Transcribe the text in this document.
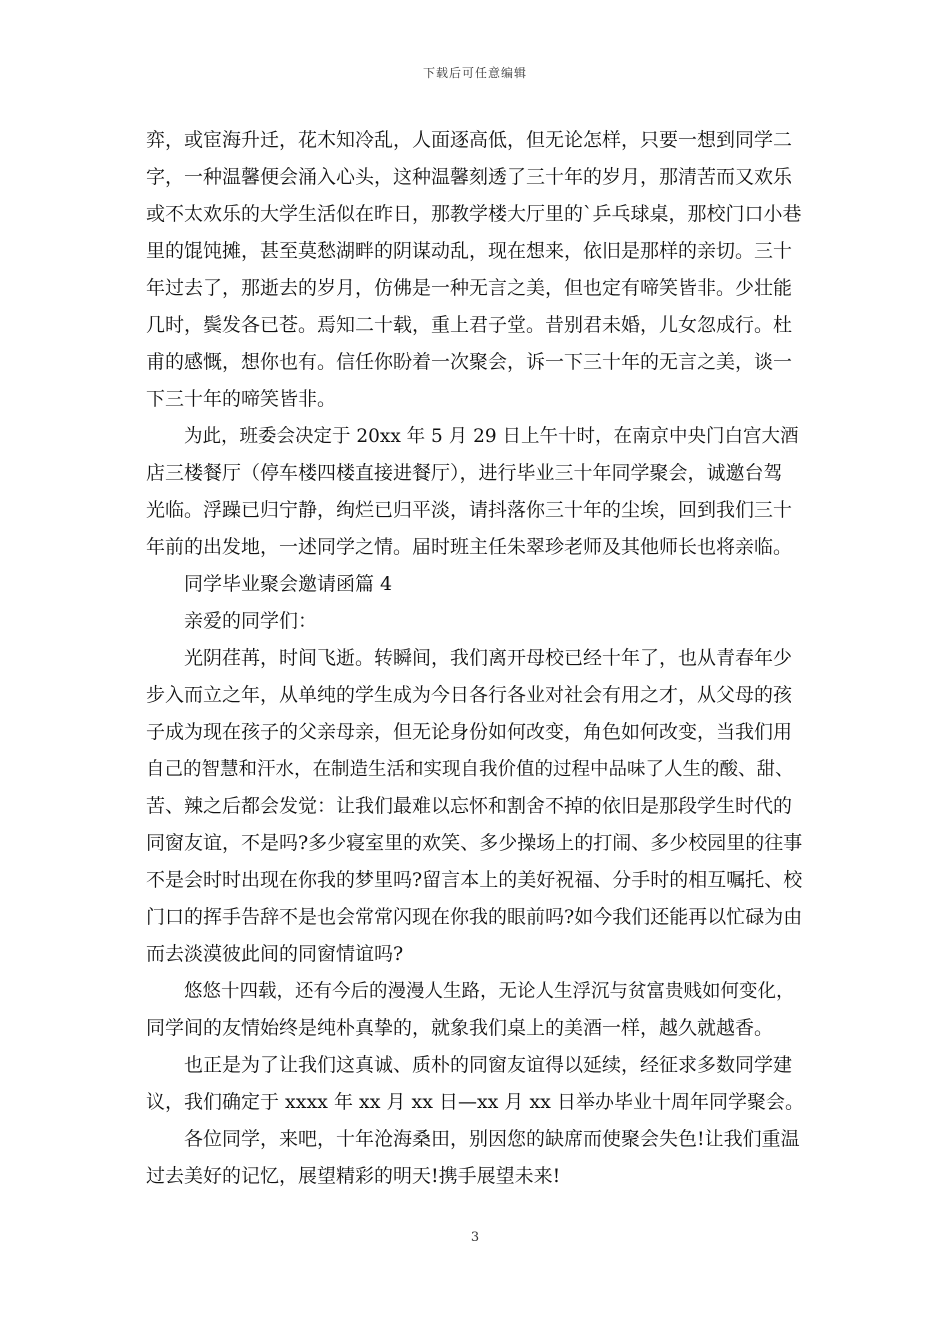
下载后可任意编辑
弈，或宦海升迁，花木知冷乱，人面逐高低，但无论怎样，只要一想到同学二
字，一种温馨便会涌入心头，这种温馨刻透了三十年的岁月，那清苦而又欢乐
或不太欢乐的大学生活似在昨日，那教学楼大厅里的`乒乓球桌，那校门口小巷
里的馄饨摊，甚至莫愁湖畔的阴谋动乱，现在想来，依旧是那样的亲切。三十
年过去了，那逝去的岁月，仿佛是一种无言之美，但也定有啼笑皆非。少壮能
几时，鬓发各已苍。焉知二十载，重上君子堂。昔别君未婚，儿女忽成行。杜
甫的感慨，想你也有。信任你盼着一次聚会，诉一下三十年的无言之美，谈一
下三十年的啼笑皆非。
为此，班委会决定于 20xx 年 5 月 29 日上午十时，在南京中央门白宫大酒
店三楼餐厅（停车楼四楼直接进餐厅），进行毕业三十年同学聚会，诚邀台驾
光临。浮躁已归宁静，绚烂已归平淡，请抖落你三十年的尘埃，回到我们三十
年前的出发地，一述同学之情。届时班主任朱翠珍老师及其他师长也将亲临。
同学毕业聚会邀请函篇 4
亲爱的同学们：
光阴荏苒，时间飞逝。转瞬间，我们离开母校已经十年了，也从青春年少
步入而立之年，从单纯的学生成为今日各行各业对社会有用之才，从父母的孩
子成为现在孩子的父亲母亲，但无论身份如何改变，角色如何改变，当我们用
自己的智慧和汗水，在制造生活和实现自我价值的过程中品味了人生的酸、甜、
苦、辣之后都会发觉：让我们最难以忘怀和割舍不掉的依旧是那段学生时代的
同窗友谊，不是吗?多少寝室里的欢笑、多少操场上的打闹、多少校园里的往事
不是会时时出现在你我的梦里吗?留言本上的美好祝福、分手时的相互嘱托、校
门口的挥手告辞不是也会常常闪现在你我的眼前吗?如今我们还能再以忙碌为由
而去淡漠彼此间的同窗情谊吗?
悠悠十四载，还有今后的漫漫人生路，无论人生浮沉与贫富贵贱如何变化，
同学间的友情始终是纯朴真挚的，就象我们桌上的美酒一样，越久就越香。
也正是为了让我们这真诚、质朴的同窗友谊得以延续，经征求多数同学建
议，我们确定于 xxxx 年 xx 月 xx 日—xx 月 xx 日举办毕业十周年同学聚会。
各位同学，来吧，十年沧海桑田，别因您的缺席而使聚会失色!让我们重温
过去美好的记忆，展望精彩的明天!携手展望未来!
3
